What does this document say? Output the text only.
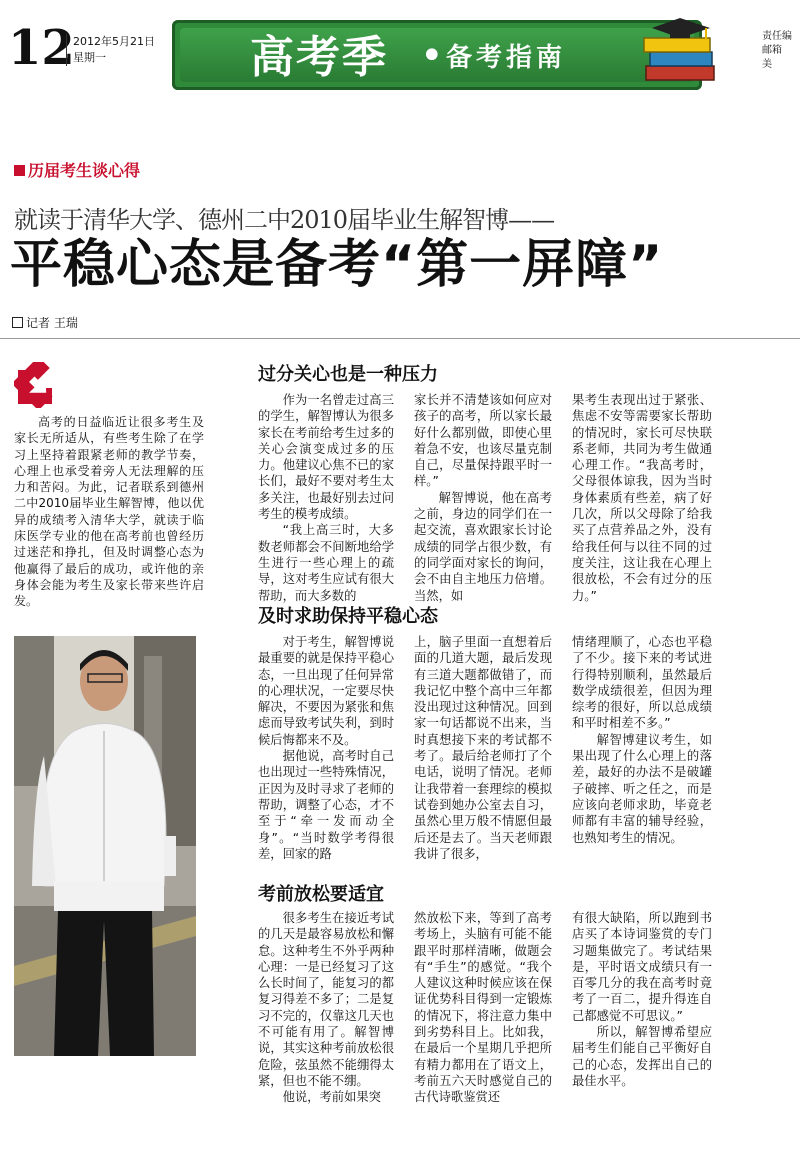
12
2012年5月21日
星期一	高考季 • 备考指南
责任编
邮箱
美
历届考生谈心得
就读于清华大学、德州二中2010届毕业生解智博——
平稳心态是备考“第一屏障”
记者 王瑞
高考的日益临近让很多考生及家长无所适从，有些考生除了在学习上坚持着跟紧老师的教学节奏，心理上也承受着旁人无法理解的压力和苦闷。为此，记者联系到德州二中2010届毕业生解智博，他以优异的成绩考入清华大学，就读于临床医学专业的他在高考前也曾经历过迷茫和挣扎，但及时调整心态为他赢得了最后的成功，或许他的亲身体会能为考生及家长带来些许启发。
过分关心也是一种压力

作为一名曾走过高三的学生，解智博认为很多家长在考前给考生过多的关心会演变成过多的压力。他建议心焦不已的家长们，最好不要对考生太多关注，也最好别去过问考生的模考成绩。

“我上高三时，大多数老师都会不间断地给学生进行一些心理上的疏导，这对考生应试有很大帮助，而大多数的

家长并不清楚该如何应对孩子的高考，所以家长最好什么都别做，即使心里着急不安，也该尽量克制自己，尽量保持跟平时一样。”

解智博说，他在高考之前，身边的同学们在一起交流，喜欢跟家长讨论成绩的同学占很少数，有的同学面对家长的询问，会不由自主地压力倍增。当然，如

果考生表现出过于紧张、焦虑不安等需要家长帮助的情况时，家长可尽快联系老师，共同为考生做通心理工作。“我高考时，父母很体谅我，因为当时身体素质有些差，病了好几次，所以父母除了给我买了点营养品之外，没有给我任何与以往不同的过度关注，这让我在心理上很放松，不会有过分的压力。”

及时求助保持平稳心态

对于考生，解智博说最重要的就是保持平稳心态，一旦出现了任何异常的心理状况，一定要尽快解决，不要因为紧张和焦虑而导致考试失利，到时候后悔都来不及。

据他说，高考时自己也出现过一些特殊情况，正因为及时寻求了老师的帮助，调整了心态，才不至于“牵一发而动全身”。“当时数学考得很差，回家的路

上，脑子里面一直想着后面的几道大题，最后发现有三道大题都做错了，而我记忆中整个高中三年都没出现过这种情况。回到家一句话都说不出来，当时真想接下来的考试都不考了。最后给老师打了个电话，说明了情况。老师让我带着一套理综的模拟试卷到她办公室去自习，虽然心里万般不情愿但最后还是去了。当天老师跟我讲了很多，

情绪理顺了，心态也平稳了不少。接下来的考试进行得特别顺利，虽然最后数学成绩很差，但因为理综考的很好，所以总成绩和平时相差不多。”

解智博建议考生，如果出现了什么心理上的落差，最好的办法不是破罐子破摔、听之任之，而是应该向老师求助，毕竟老师都有丰富的辅导经验，也熟知考生的情况。

考前放松要适宜

很多考生在接近考试的几天是最容易放松和懈怠。这种考生不外乎两种心理：一是已经复习了这么长时间了，能复习的都复习得差不多了；二是复习不完的，仅靠这几天也不可能有用了。解智博说，其实这种考前放松很危险，弦虽然不能绷得太紧，但也不能不绷。

他说，考前如果突

然放松下来，等到了高考考场上，头脑有可能不能跟平时那样清晰，做题会有“手生”的感觉。“我个人建议这种时候应该在保证优势科目得到一定锻炼的情况下，将注意力集中到劣势科目上。比如我，在最后一个星期几乎把所有精力都用在了语文上，考前五六天时感觉自己的古代诗歌鉴赏还

有很大缺陷，所以跑到书店买了本诗词鉴赏的专门习题集做完了。考试结果是，平时语文成绩只有一百零几分的我在高考时竟考了一百二，提升得连自己都感觉不可思议。”

所以，解智博希望应届考生们能自己平衡好自己的心态，发挥出自己的最佳水平。
